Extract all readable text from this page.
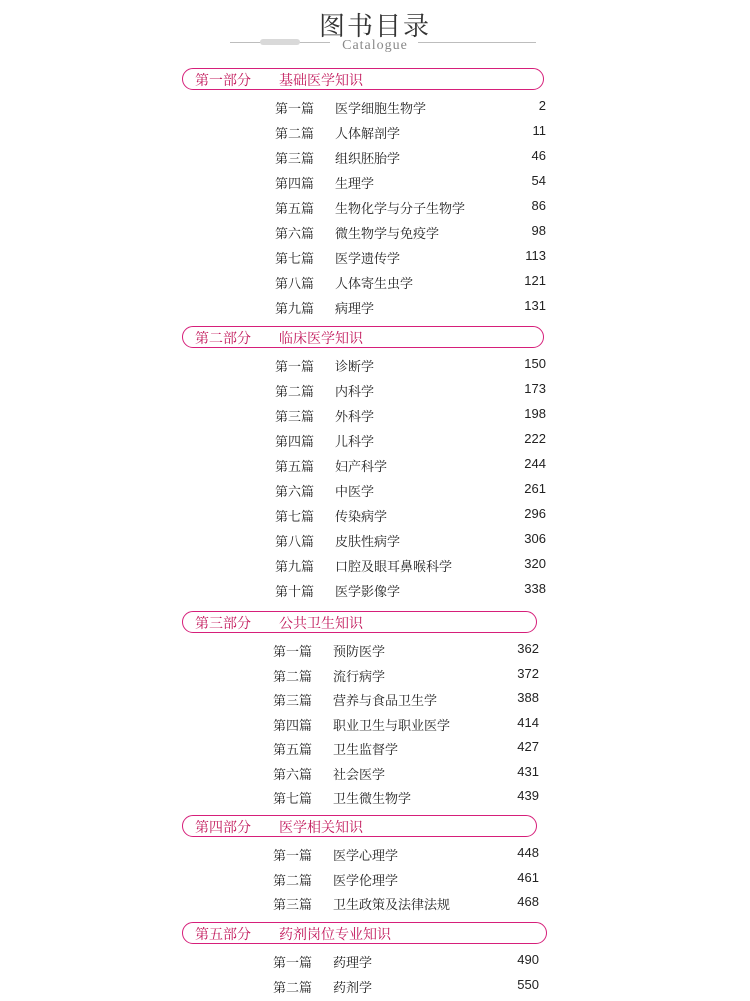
图书目录
Catalogue
第一部分 基础医学知识
第一篇 医学细胞生物学	2
第二篇 人体解剖学	11
第三篇 组织胚胎学	46
第四篇 生理学	54
第五篇 生物化学与分子生物学	86
第六篇 微生物学与免疫学	98
第七篇 医学遗传学	113
第八篇 人体寄生虫学	121
第九篇 病理学	131
第二部分 临床医学知识
第一篇 诊断学	150
第二篇 内科学	173
第三篇 外科学	198
第四篇 儿科学	222
第五篇 妇产科学	244
第六篇 中医学	261
第七篇 传染病学	296
第八篇 皮肤性病学	306
第九篇 口腔及眼耳鼻喉科学	320
第十篇 医学影像学	338
第三部分 公共卫生知识
第一篇 预防医学	362
第二篇 流行病学	372
第三篇 营养与食品卫生学	388
第四篇 职业卫生与职业医学	414
第五篇 卫生监督学	427
第六篇 社会医学	431
第七篇 卫生微生物学	439
第四部分 医学相关知识
第一篇 医学心理学	448
第二篇 医学伦理学	461
第三篇 卫生政策及法律法规	468
第五部分 药剂岗位专业知识
第一篇 药理学	490
第二篇 药剂学	550
